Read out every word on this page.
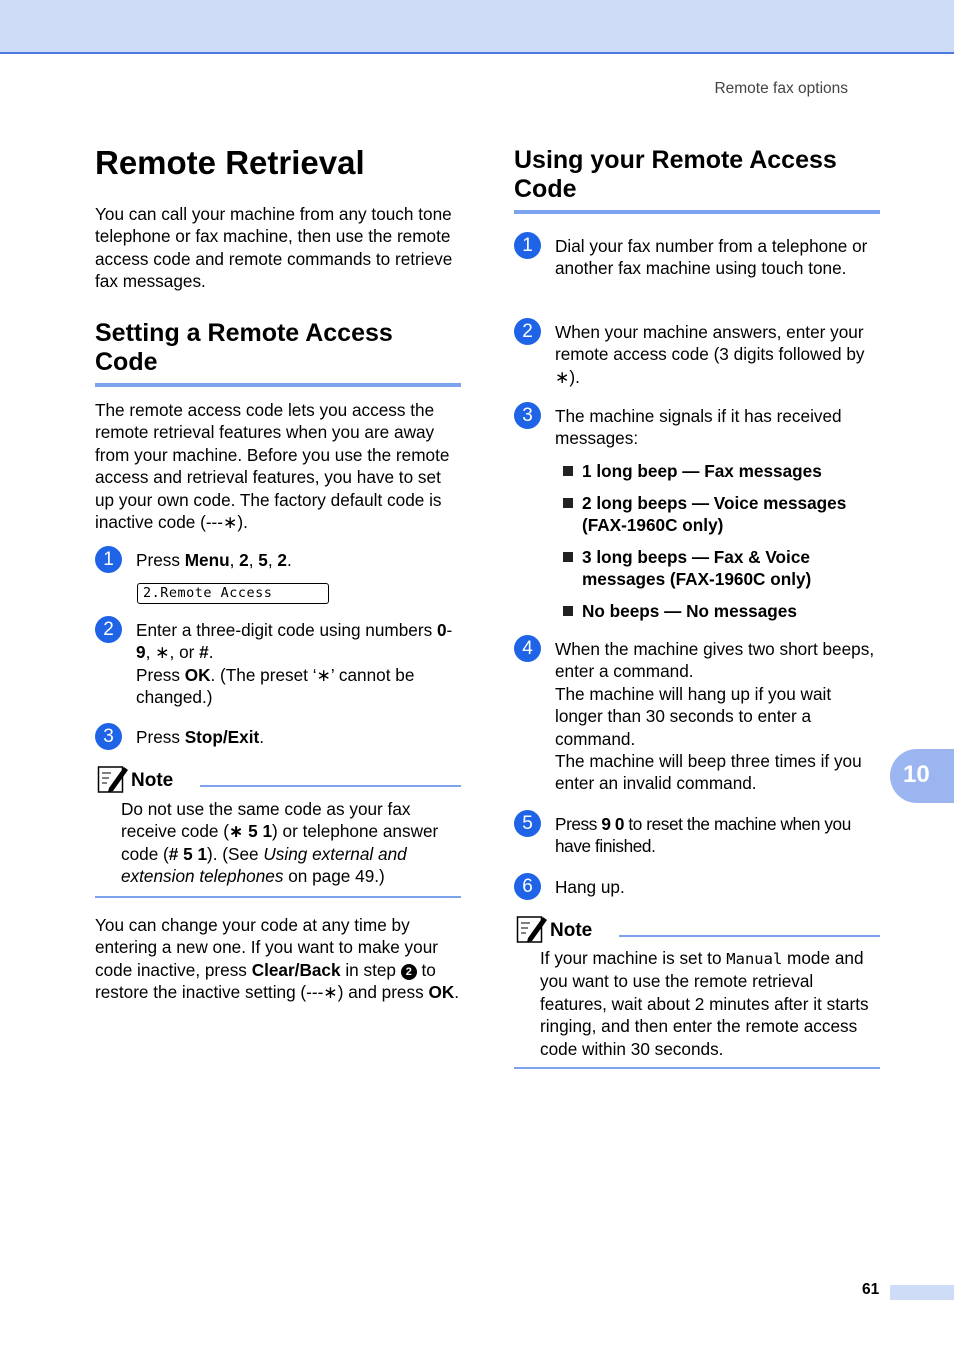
Remote fax options
Remote Retrieval
You can call your machine from any touch tone telephone or fax machine, then use the remote access code and remote commands to retrieve fax messages.
Setting a Remote Access Code
The remote access code lets you access the remote retrieval features when you are away from your machine. Before you use the remote access and retrieval features, you have to set up your own code. The factory default code is inactive code (---∗).
1	Press Menu, 2, 5, 2.
2.Remote Access
2	Enter a three-digit code using numbers 0-9, ∗, or #.
Press OK. (The preset ‘∗’ cannot be changed.)
3	Press Stop/Exit.
Note
Do not use the same code as your fax receive code (∗ 5 1) or telephone answer code (# 5 1). (See Using external and extension telephones on page 49.)
You can change your code at any time by entering a new one. If you want to make your code inactive, press Clear/Back in step 2 to restore the inactive setting (---∗) and press OK.
Using your Remote Access Code
1	Dial your fax number from a telephone or another fax machine using touch tone.
2	When your machine answers, enter your remote access code (3 digits followed by ∗).
3	The machine signals if it has received messages:
1 long beep — Fax messages
2 long beeps — Voice messages (FAX-1960C only)
3 long beeps — Fax & Voice messages (FAX-1960C only)
No beeps — No messages
4	When the machine gives two short beeps, enter a command.
The machine will hang up if you wait longer than 30 seconds to enter a command.
The machine will beep three times if you enter an invalid command.
5	Press 9 0 to reset the machine when you have finished.
6	Hang up.
Note
If your machine is set to Manual mode and you want to use the remote retrieval features, wait about 2 minutes after it starts ringing, and then enter the remote access code within 30 seconds.
10
61
